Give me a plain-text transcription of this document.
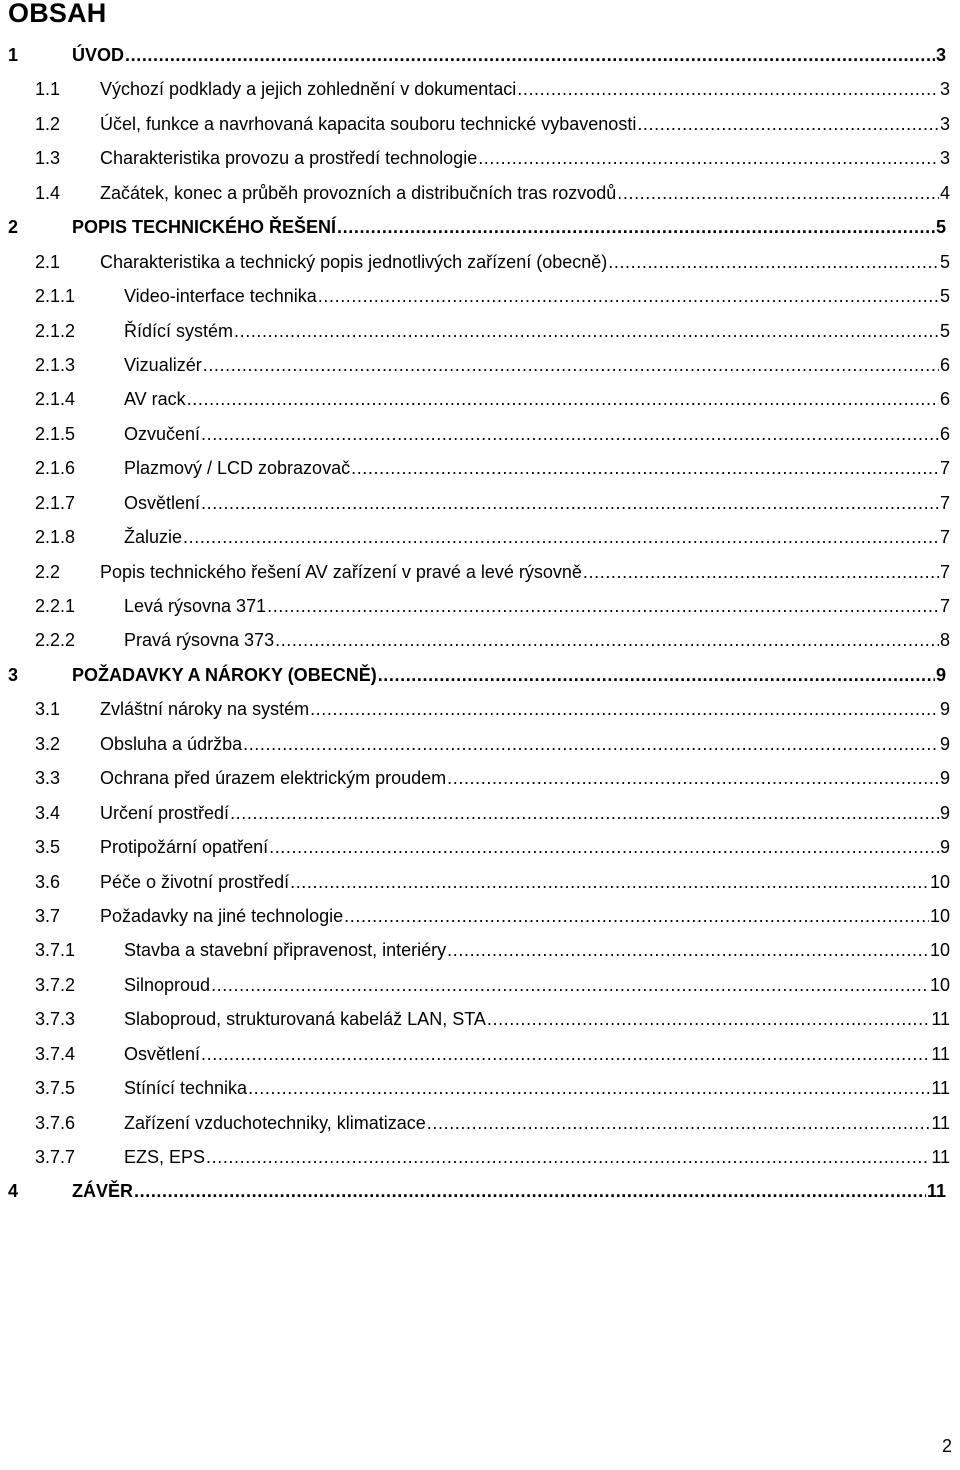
OBSAH
1	ÚVOD .....	3
1.1 Výchozí podklady a jejich zohlednění v dokumentaci .....	3
1.2 Účel, funkce a navrhovaná kapacita souboru technické vybavenosti .....	3
1.3 Charakteristika provozu a prostředí technologie .....	3
1.4 Začátek, konec a průběh provozních a distribučních tras rozvodů .....	4
2	POPIS TECHNICKÉHO ŘEŠENÍ .....	5
2.1 Charakteristika a technický popis jednotlivých zařízení (obecně) .....	5
2.1.1	Video-interface technika .....	5
2.1.2	Řídící systém .....	5
2.1.3	Vizualizér .....	6
2.1.4	AV rack .....	6
2.1.5	Ozvučení .....	6
2.1.6	Plazmový / LCD zobrazovač .....	7
2.1.7	Osvětlení .....	7
2.1.8	Žaluzie .....	7
2.2 Popis technického řešení AV zařízení v pravé a levé rýsovně .....	7
2.2.1	Levá rýsovna 371 .....	7
2.2.2	Pravá rýsovna 373 .....	8
3	POŽADAVKY A NÁROKY (OBECNĚ) .....	9
3.1 Zvláštní nároky na systém .....	9
3.2 Obsluha a údržba .....	9
3.3 Ochrana před úrazem elektrickým proudem .....	9
3.4 Určení prostředí .....	9
3.5 Protipožární opatření .....	9
3.6 Péče o životní prostředí .....	10
3.7 Požadavky na jiné technologie .....	10
3.7.1	Stavba a stavební připravenost, interiéry .....	10
3.7.2	Silnoproud .....	10
3.7.3	Slaboproud, strukturovaná kabeláž LAN, STA .....	11
3.7.4	Osvětlení .....	11
3.7.5	Stínící technika .....	11
3.7.6	Zařízení vzduchotechniky, klimatizace .....	11
3.7.7	EZS, EPS .....	11
4	ZÁVĚR .....	11
2
